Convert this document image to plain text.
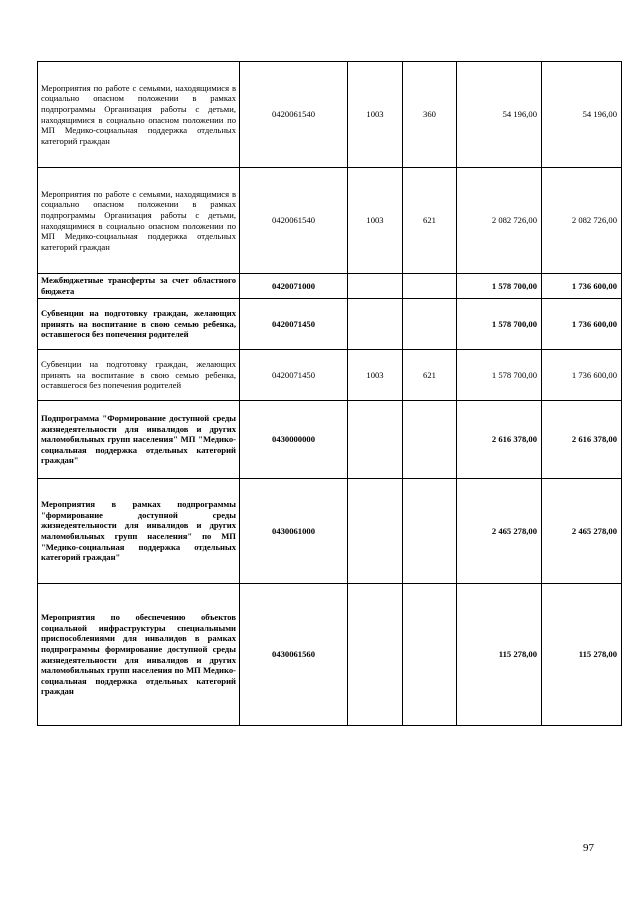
Мероприятия по работе с семьями, находящимися в социально опасном положении в рамках подпрограммы Организация работы с детьми, находящимися в социально опасном положении по МП Медико-социальная поддержка отдельных категорий граждан	0420061540	1003	360	54 196,00	54 196,00
Мероприятия по работе с семьями, находящимися в социально опасном положении в рамках подпрограммы Организация работы с детьми, находящимися в социально опасном положении по МП Медико-социальная поддержка отдельных категорий граждан	0420061540	1003	621	2 082 726,00	2 082 726,00
Межбюджетные трансферты за счет областного бюджета	0420071000			1 578 700,00	1 736 600,00
Субвенции на подготовку граждан, желающих принять на воспитание в свою семью ребенка, оставшегося без попечения родителей	0420071450			1 578 700,00	1 736 600,00
Субвенции на подготовку граждан, желающих принять на воспитание в свою семью ребенка, оставшегося без попечения родителей	0420071450	1003	621	1 578 700,00	1 736 600,00
Подпрограмма "Формирование доступной среды жизнедеятельности для инвалидов и других маломобильных групп населения" МП "Медико-социальная поддержка отдельных категорий граждан"	0430000000			2 616 378,00	2 616 378,00
Мероприятия в рамках подпрограммы "формирование доступной среды жизнедеятельности для инвалидов и других маломобильных групп населения" по МП "Медико-социальная поддержка отдельных категорий граждан"	0430061000			2 465 278,00	2 465 278,00
Мероприятия по обеспечению объектов социальной инфраструктуры специальными приспособлениями для инвалидов в рамках подпрограммы формирование доступной среды жизнедеятельности для инвалидов и других маломобильных групп населения по МП Медико-социальная поддержка отдельных категорий граждан	0430061560			115 278,00	115 278,00
97
